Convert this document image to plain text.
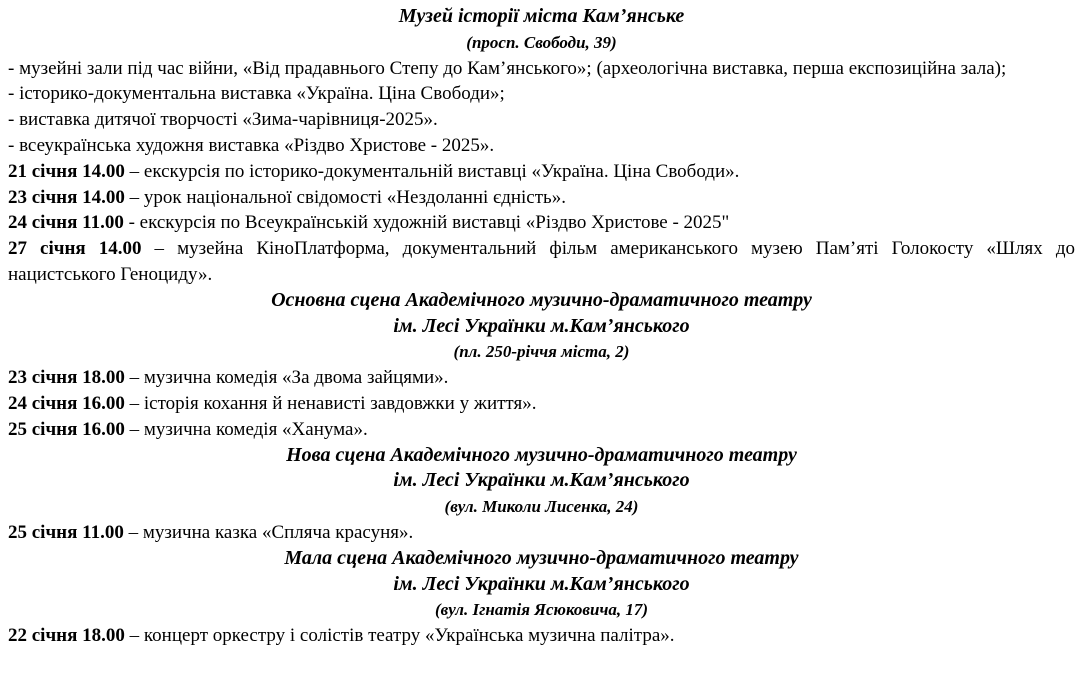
Музей історії міста Кам’янське

(просп. Свободи, 39)

- музейні зали під час війни, «Від прадавнього Степу до Кам’янського»; (археологічна виставка, перша експозиційна зала);

- історико-документальна виставка «Україна. Ціна Свободи»;

- виставка дитячої творчості «Зима-чарівниця-2025».

- всеукраїнська художня виставка «Різдво Христове - 2025».

21 січня 14.00 – екскурсія по історико-документальній виставці «Україна. Ціна Свободи».

23 січня 14.00 – урок національної свідомості «Нездоланні єдність».

24 січня 11.00 - екскурсія по Всеукраїнській художній виставці «Різдво Христове - 2025"

27 січня 14.00 – музейна КіноПлатформа, документальний фільм американського музею Пам’яті Голокосту «Шлях до нацистського Геноциду».

Основна сцена Академічного музично-драматичного театру

ім. Лесі Українки м.Кам’янського

(пл. 250-річчя міста, 2)

23 січня 18.00 – музична комедія «За двома зайцями».

24 січня 16.00 – історія кохання й ненависті завдовжки у життя».

25 січня 16.00 – музична комедія «Ханума».

Нова сцена Академічного музично-драматичного театру

ім. Лесі Українки м.Кам’янського

(вул. Миколи Лисенка, 24)

25 січня 11.00 – музична казка «Спляча красуня».

Мала сцена Академічного музично-драматичного театру

ім. Лесі Українки м.Кам’янського

(вул. Ігнатія Ясюковича, 17)

22 січня 18.00 – концерт оркестру і солістів театру «Українська музична палітра».
